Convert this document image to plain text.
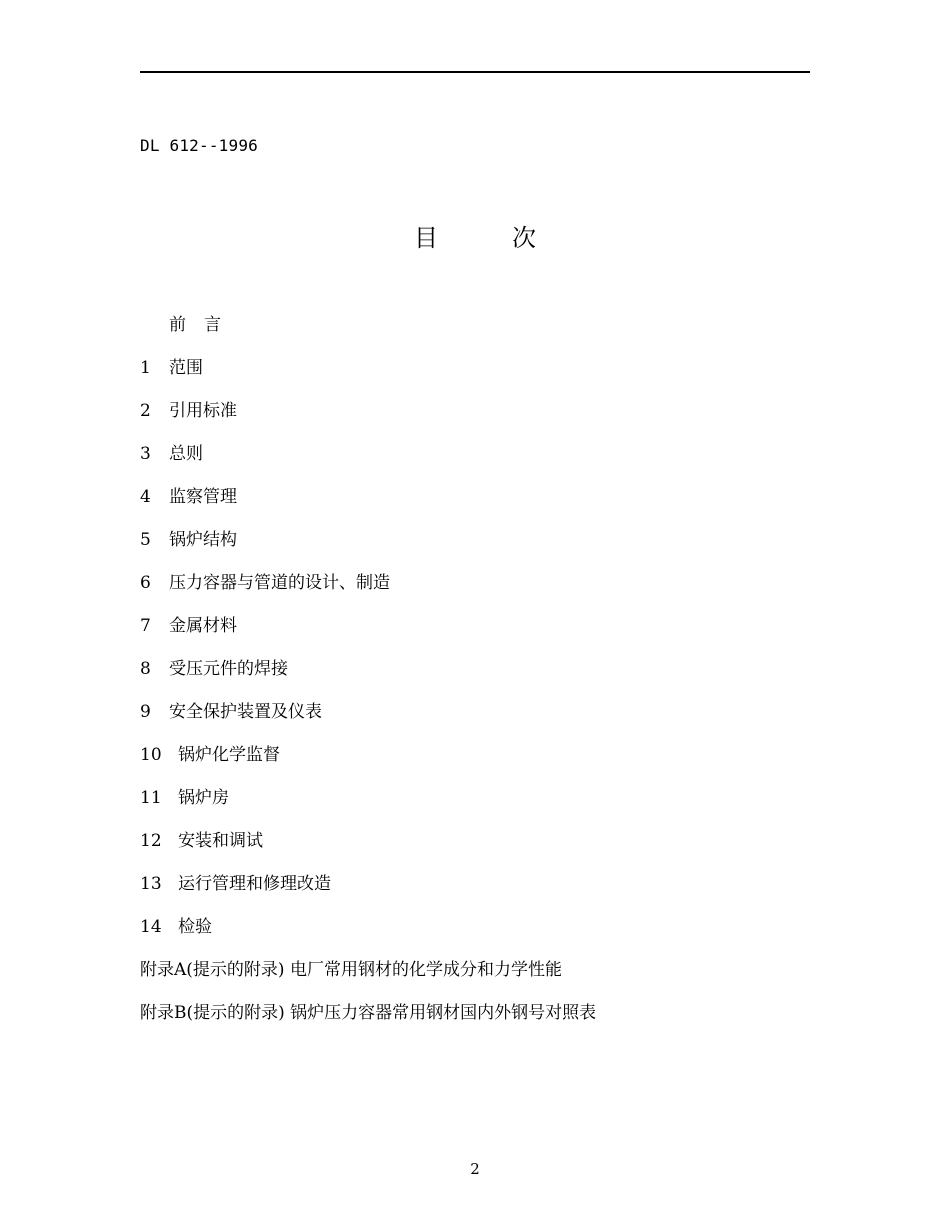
DL 612--1996
目	次
前 言
1 范围
2 引用标准
3 总则
4 监察管理
5 锅炉结构
6 压力容器与管道的设计、制造
7 金属材料
8 受压元件的焊接
9 安全保护装置及仪表
10 锅炉化学监督
11 锅炉房
12 安装和调试
13 运行管理和修理改造
14 检验
附录A(提示的附录) 电厂常用钢材的化学成分和力学性能
附录B(提示的附录) 锅炉压力容器常用钢材国内外钢号对照表
2
